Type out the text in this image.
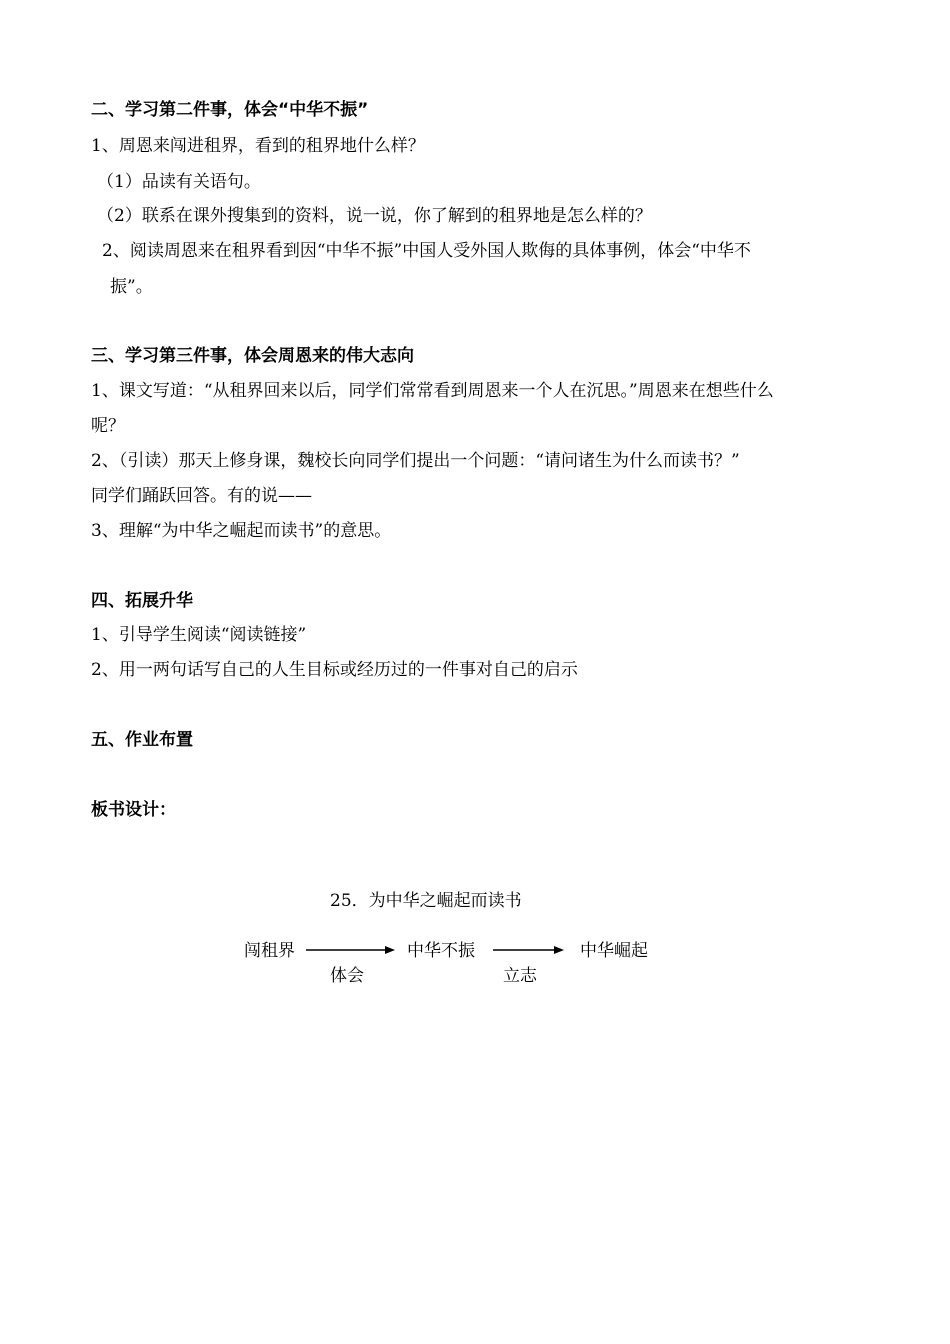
二、学习第二件事，体会“中华不振”
1、周恩来闯进租界，看到的租界地什么样？
（1）品读有关语句。
（2）联系在课外搜集到的资料，说一说，你了解到的租界地是怎么样的？
2、阅读周恩来在租界看到因“中华不振”中国人受外国人欺侮的具体事例，体会“中华不
振”。
三、学习第三件事，体会周恩来的伟大志向
1、课文写道：“从租界回来以后，同学们常常看到周恩来一个人在沉思。”周恩来在想些什么
呢？
2、（引读）那天上修身课，魏校长向同学们提出一个问题：“请问诸生为什么而读书？”
同学们踊跃回答。有的说——
3、理解“为中华之崛起而读书”的意思。
四、拓展升华
1、引导学生阅读“阅读链接”
2、用一两句话写自己的人生目标或经历过的一件事对自己的启示
五、作业布置
板书设计：
25．为中华之崛起而读书
闯租界	中华不振	中华崛起
体会	立志
